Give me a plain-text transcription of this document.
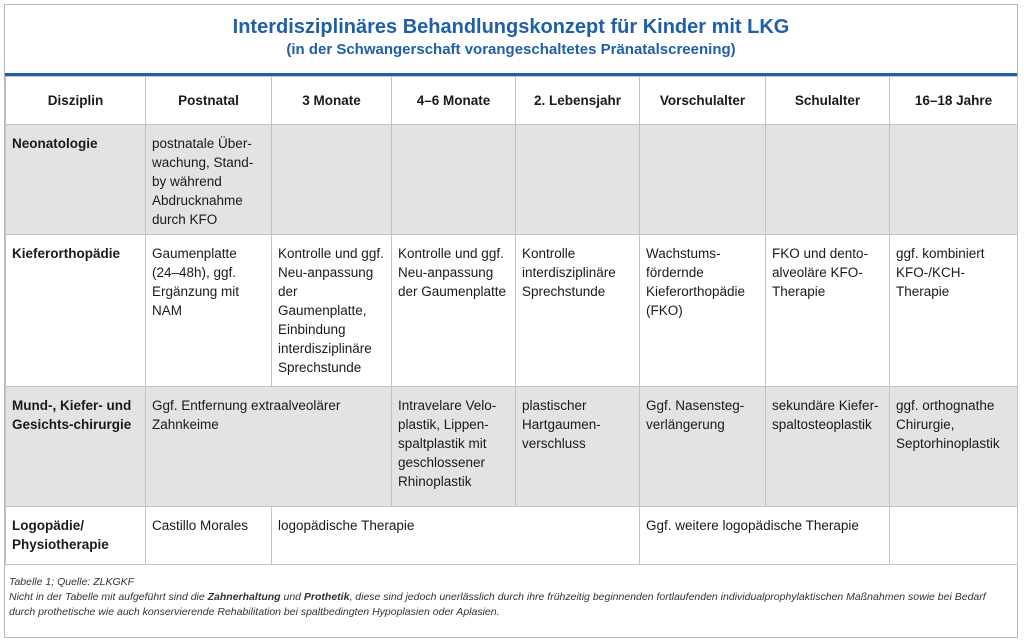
Interdisziplinäres Behandlungskonzept für Kinder mit LKG
(in der Schwangerschaft vorangeschaltetes Pränatalscreening)
Disziplin	Postnatal	3 Monate	4–6 Monate	2. Lebensjahr	Vorschulalter	Schulalter	16–18 Jahre
Neonatologie	postnatale Über-wachung, Stand-by während Abdrucknahme durch KFO						
Kieferorthopädie	Gaumenplatte (24–48h), ggf. Ergänzung mit NAM	Kontrolle und ggf. Neu-anpassung der Gaumenplatte, Einbindung interdisziplinäre Sprechstunde	Kontrolle und ggf. Neu-anpassung der Gaumenplatte	Kontrolle interdisziplinäre Sprechstunde	Wachstums-fördernde Kieferorthopädie (FKO)	FKO und dento-alveoläre KFO-Therapie	ggf. kombiniert KFO-/KCH-Therapie
Mund-, Kiefer- und Gesichts-chirurgie	Ggf. Entfernung extraalveolärer Zahnkeime		Intravelare Velo-plastik, Lippen-spaltplastik mit geschlossener Rhinoplastik	plastischer Hartgaumen-verschluss	Ggf. Nasensteg-verlängerung	sekundäre Kiefer-spaltosteoplastik	ggf. orthognathe Chirurgie, Septorhinoplastik
Logopädie/ Physiotherapie	Castillo Morales	logopädische Therapie			Ggf. weitere logopädische Therapie		
Tabelle 1; Quelle: ZLKGKF
Nicht in der Tabelle mit aufgeführt sind die Zahnerhaltung und Prothetik, diese sind jedoch unerlässlich durch ihre frühzeitig beginnenden fortlaufenden individualprophylaktischen Maßnahmen sowie bei Bedarf durch prothetische wie auch konservierende Rehabilitation bei spaltbedingten Hypoplasien oder Aplasien.
